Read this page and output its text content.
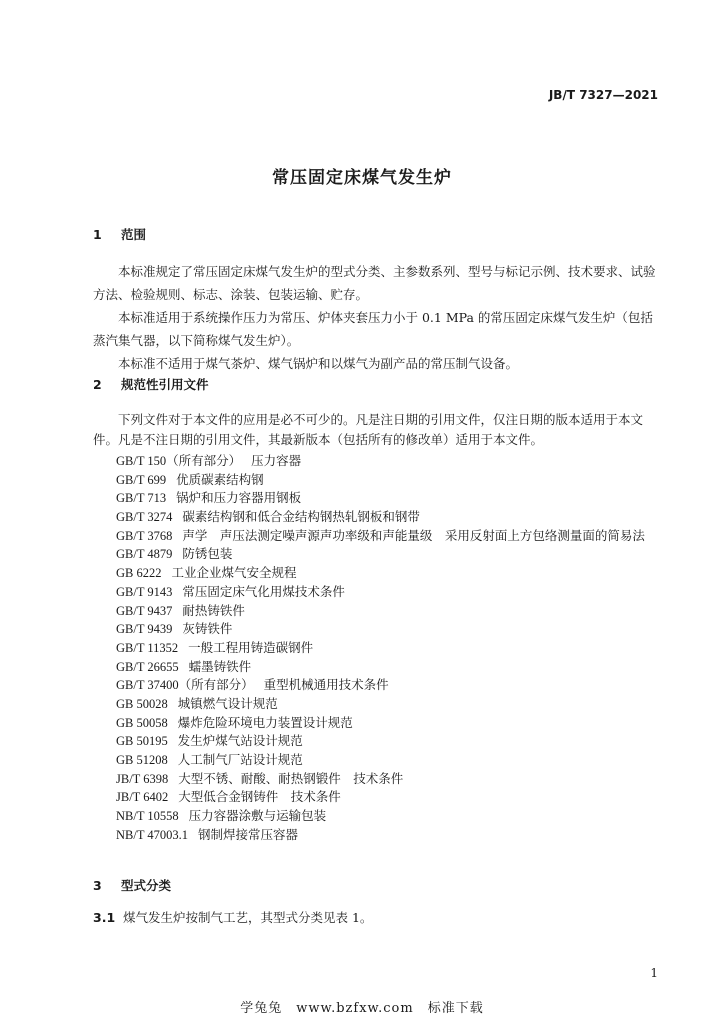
JB/T 7327—2021
常压固定床煤气发生炉
1 范围

本标准规定了常压固定床煤气发生炉的型式分类、主参数系列、型号与标记示例、技术要求、试验方法、检验规则、标志、涂装、包装运输、贮存。

本标准适用于系统操作压力为常压、炉体夹套压力小于 0.1 MPa 的常压固定床煤气发生炉（包括蒸汽集气器，以下简称煤气发生炉）。

本标准不适用于煤气茶炉、煤气锅炉和以煤气为副产品的常压制气设备。

2 规范性引用文件

下列文件对于本文件的应用是必不可少的。凡是注日期的引用文件，仅注日期的版本适用于本文件。凡是不注日期的引用文件，其最新版本（包括所有的修改单）适用于本文件。

GB/T 150（所有部分） 压力容器
GB/T 699 优质碳素结构钢
GB/T 713 锅炉和压力容器用钢板
GB/T 3274 碳素结构钢和低合金结构钢热轧钢板和钢带
GB/T 3768 声学　声压法测定噪声源声功率级和声能量级　采用反射面上方包络测量面的简易法
GB/T 4879 防锈包装
GB 6222 工业企业煤气安全规程
GB/T 9143 常压固定床气化用煤技术条件
GB/T 9437 耐热铸铁件
GB/T 9439 灰铸铁件
GB/T 11352 一般工程用铸造碳钢件
GB/T 26655 蠕墨铸铁件
GB/T 37400（所有部分） 重型机械通用技术条件
GB 50028 城镇燃气设计规范
GB 50058 爆炸危险环境电力装置设计规范
GB 50195 发生炉煤气站设计规范
GB 51208 人工制气厂站设计规范
JB/T 6398 大型不锈、耐酸、耐热钢锻件　技术条件
JB/T 6402 大型低合金钢铸件　技术条件
NB/T 10558 压力容器涂敷与运输包装
NB/T 47003.1 钢制焊接常压容器
3 型式分类
3.1 煤气发生炉按制气工艺，其型式分类见表 1。
1
学兔兔　www.bzfxw.com　标准下载
